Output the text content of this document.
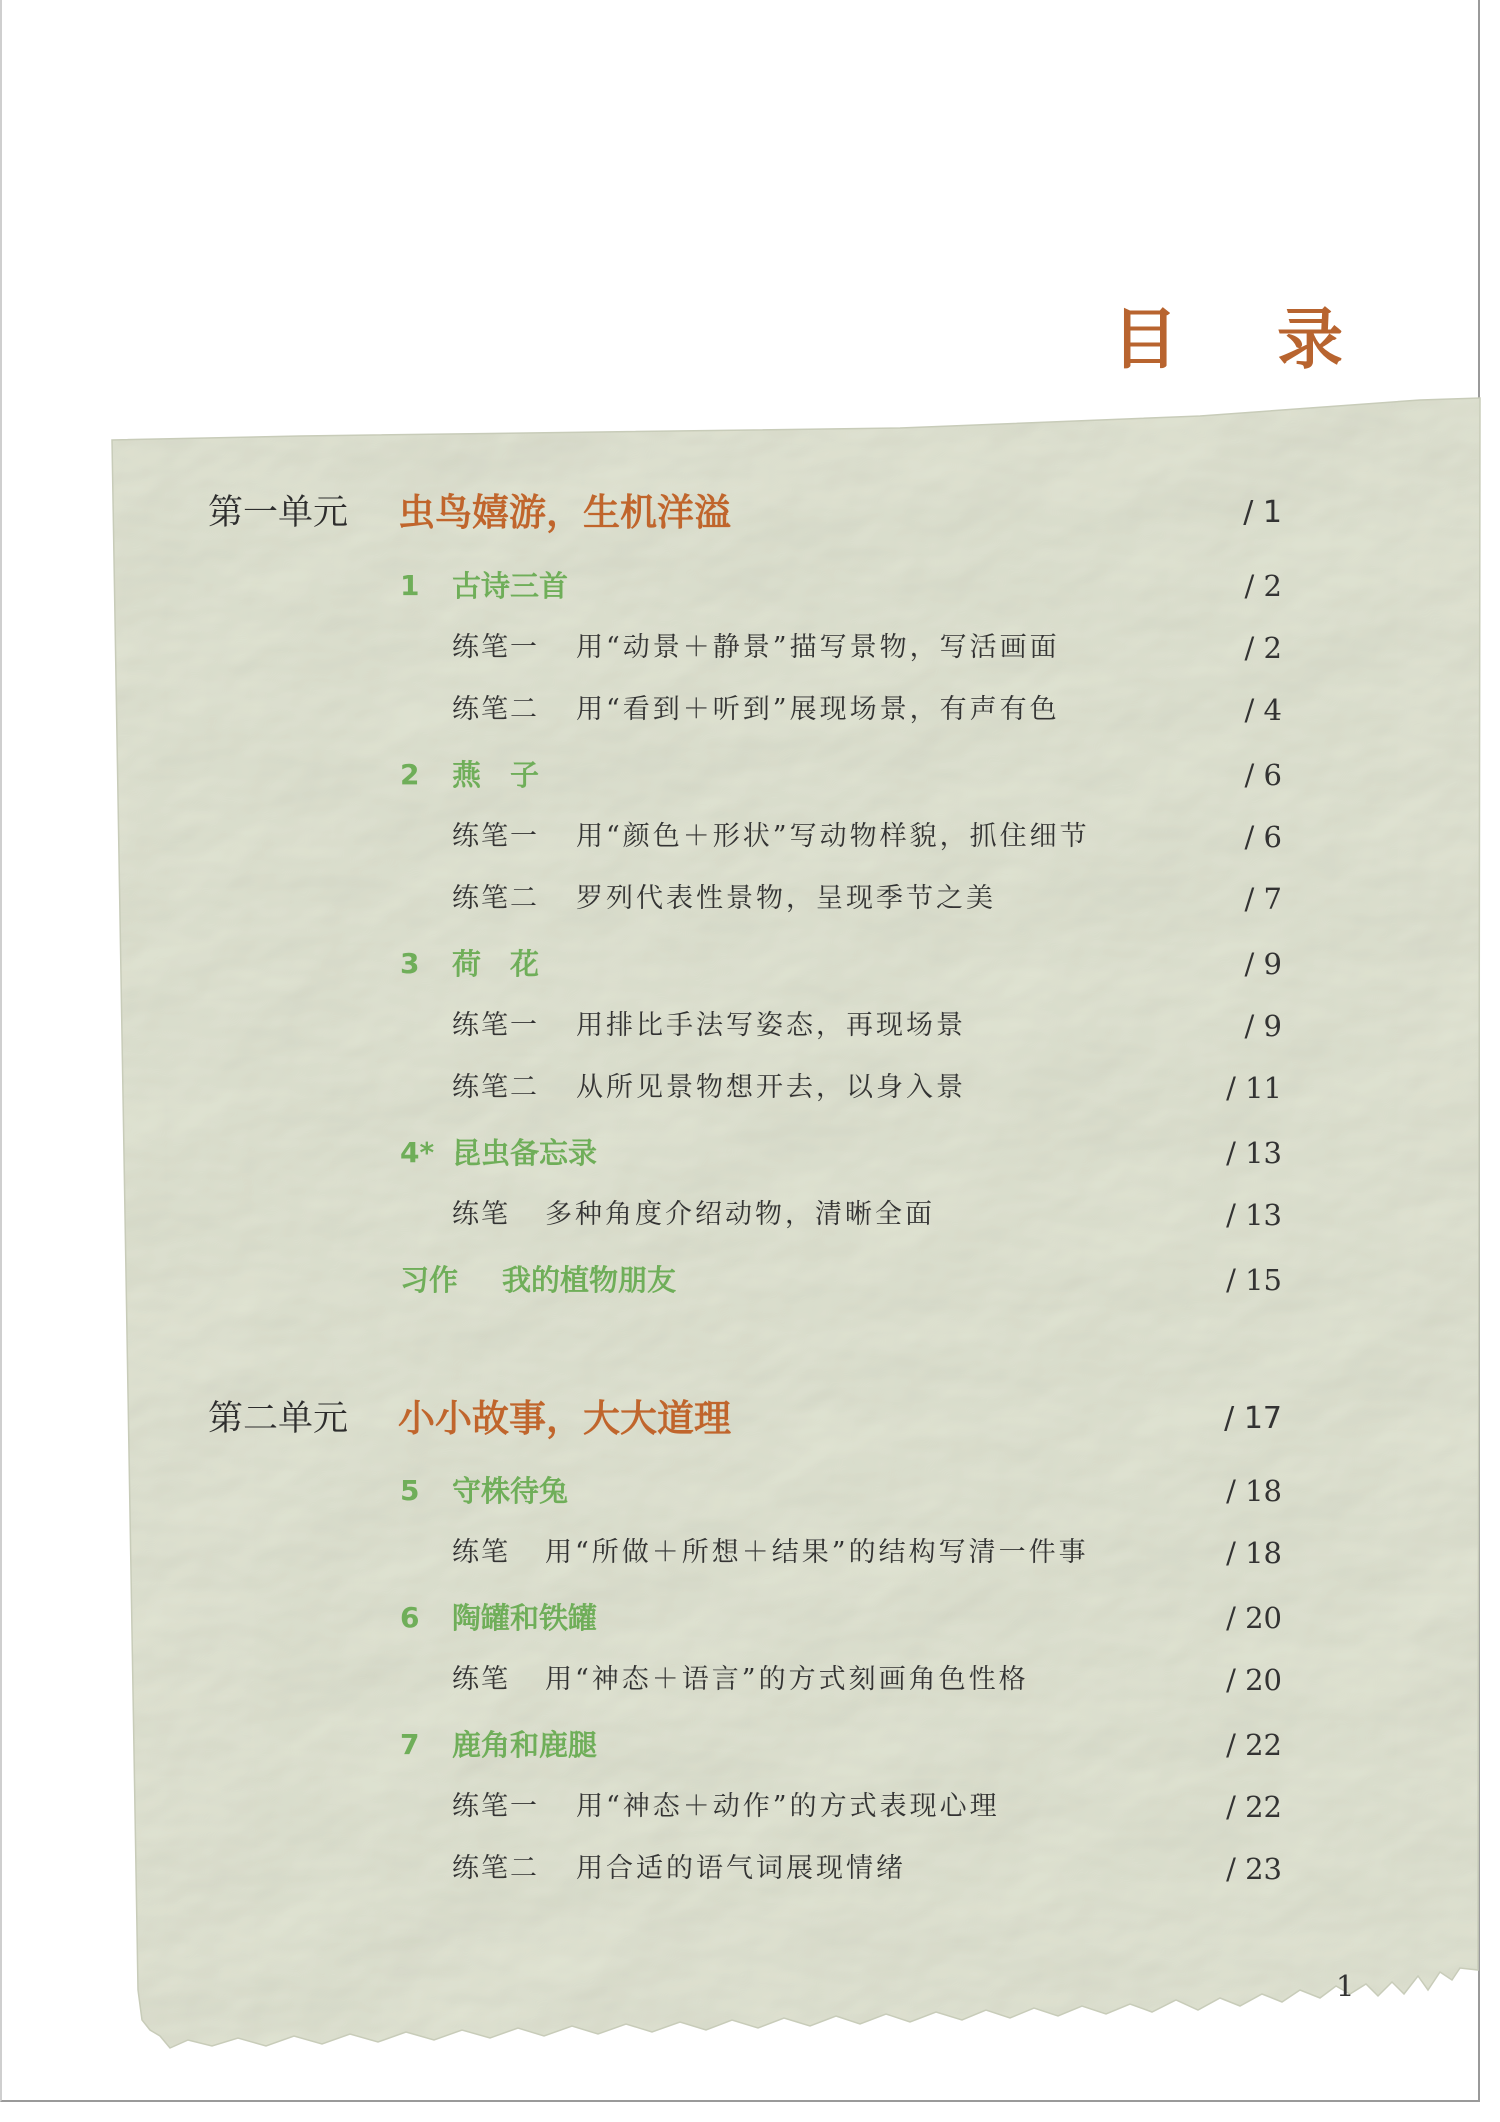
目 录
第一单元 虫鸟嬉游，生机洋溢	/ 1
1 古诗三首	/ 2
练笔一 用“动景＋静景”描写景物，写活画面	/ 2
练笔二 用“看到＋听到”展现场景，有声有色	/ 4
2 燕　子	/ 6
练笔一 用“颜色＋形状”写动物样貌，抓住细节	/ 6
练笔二 罗列代表性景物，呈现季节之美	/ 7
3 荷　花	/ 9
练笔一 用排比手法写姿态，再现场景	/ 9
练笔二 从所见景物想开去，以身入景	/ 11
4* 昆虫备忘录	/ 13
练笔 多种角度介绍动物，清晰全面	/ 13
习作 我的植物朋友	/ 15
第二单元 小小故事，大大道理	/ 17
5 守株待兔	/ 18
练笔 用“所做＋所想＋结果”的结构写清一件事	/ 18
6 陶罐和铁罐	/ 20
练笔 用“神态＋语言”的方式刻画角色性格	/ 20
7 鹿角和鹿腿	/ 22
练笔一 用“神态＋动作”的方式表现心理	/ 22
练笔二 用合适的语气词展现情绪	/ 23
1
